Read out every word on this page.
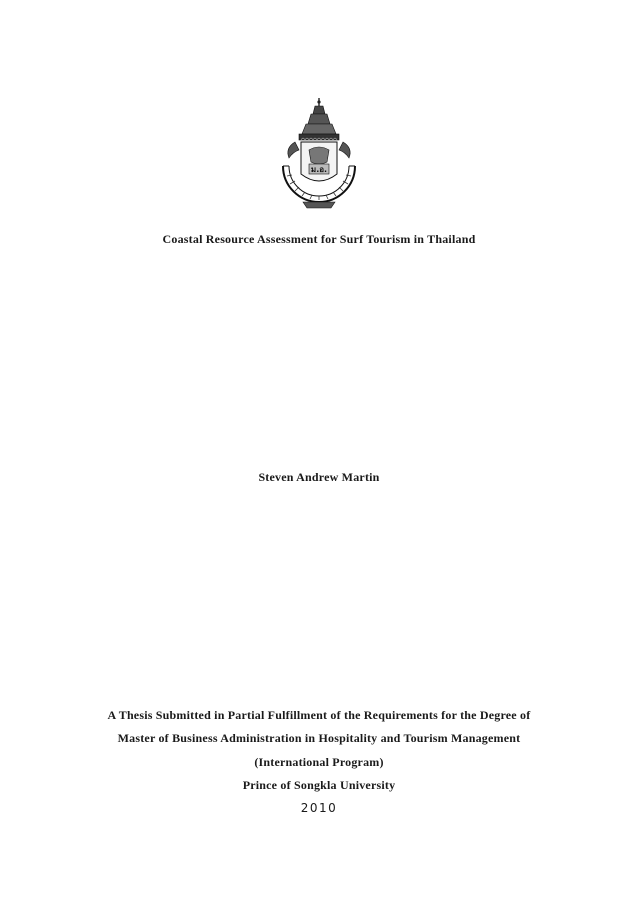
ม.อ.
Coastal Resource Assessment for Surf Tourism in Thailand
Steven Andrew Martin
A Thesis Submitted in Partial Fulfillment of the Requirements for the Degree of
Master of Business Administration in Hospitality and Tourism Management
(International Program)
Prince of Songkla University
2010
